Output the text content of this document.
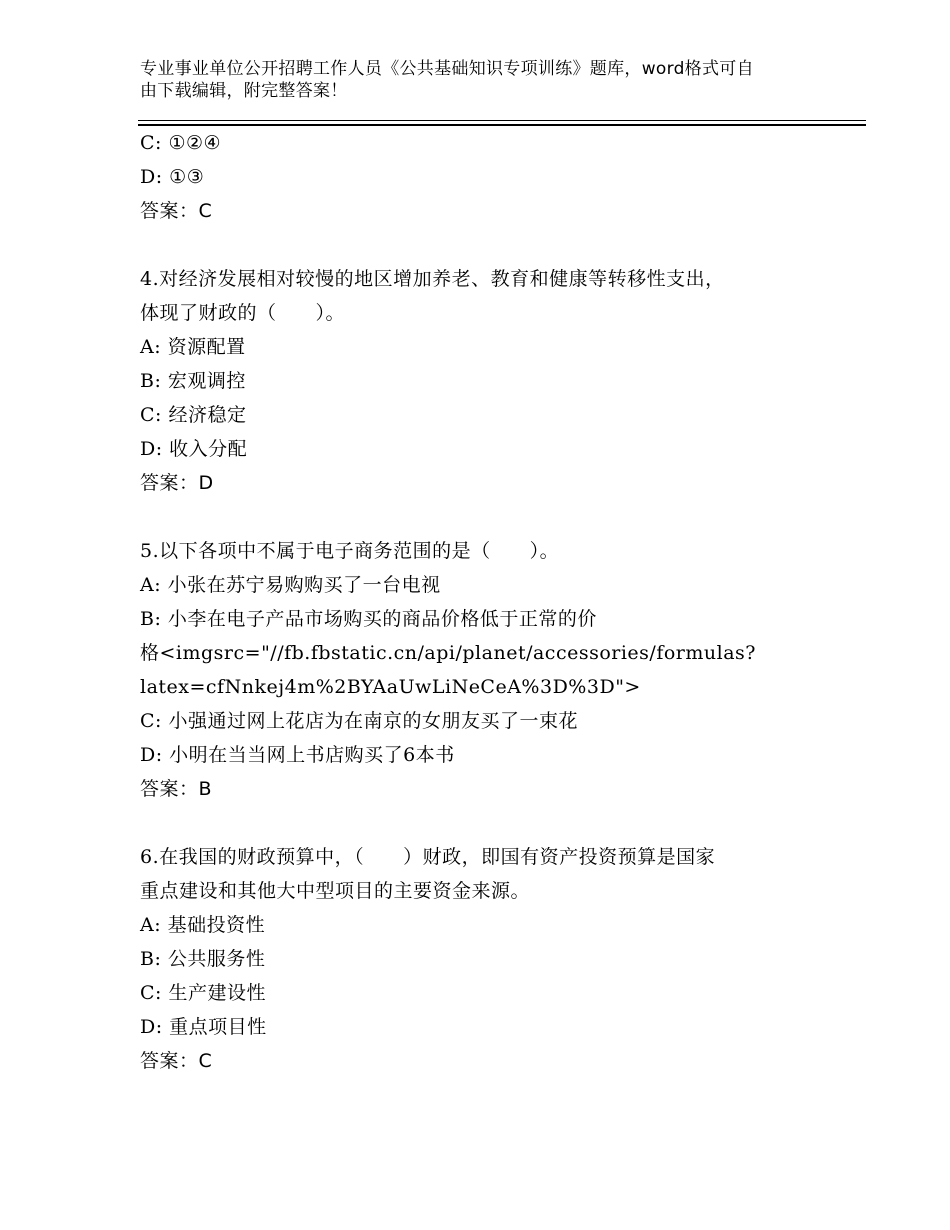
专业事业单位公开招聘工作人员《公共基础知识专项训练》题库，word格式可自
由下载编辑，附完整答案！
C: ①②④
D: ①③
答案：C
4.对经济发展相对较慢的地区增加养老、教育和健康等转移性支出，
体现了财政的（　　）。
A: 资源配置
B: 宏观调控
C: 经济稳定
D: 收入分配
答案：D
5.以下各项中不属于电子商务范围的是（　　）。
A: 小张在苏宁易购购买了一台电视
B: 小李在电子产品市场购买的商品价格低于正常的价
格<imgsrc="//fb.fbstatic.cn/api/planet/accessories/formulas?
latex=cfNnkej4m%2BYAaUwLiNeCeA%3D%3D">
C: 小强通过网上花店为在南京的女朋友买了一束花
D: 小明在当当网上书店购买了6本书
答案：B
6.在我国的财政预算中，（　　）财政，即国有资产投资预算是国家
重点建设和其他大中型项目的主要资金来源。
A: 基础投资性
B: 公共服务性
C: 生产建设性
D: 重点项目性
答案：C
